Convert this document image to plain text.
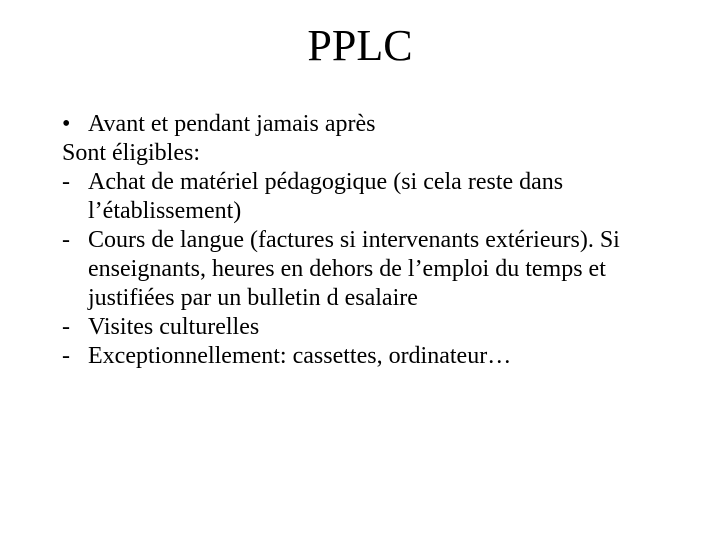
PPLC
• Avant et pendant jamais après
Sont éligibles:
- Achat de matériel pédagogique (si cela reste dans l’établissement)
- Cours de langue (factures si intervenants extérieurs). Si enseignants, heures en dehors de l’emploi du temps et justifiées par un bulletin d esalaire
- Visites culturelles
- Exceptionnellement: cassettes, ordinateur…
